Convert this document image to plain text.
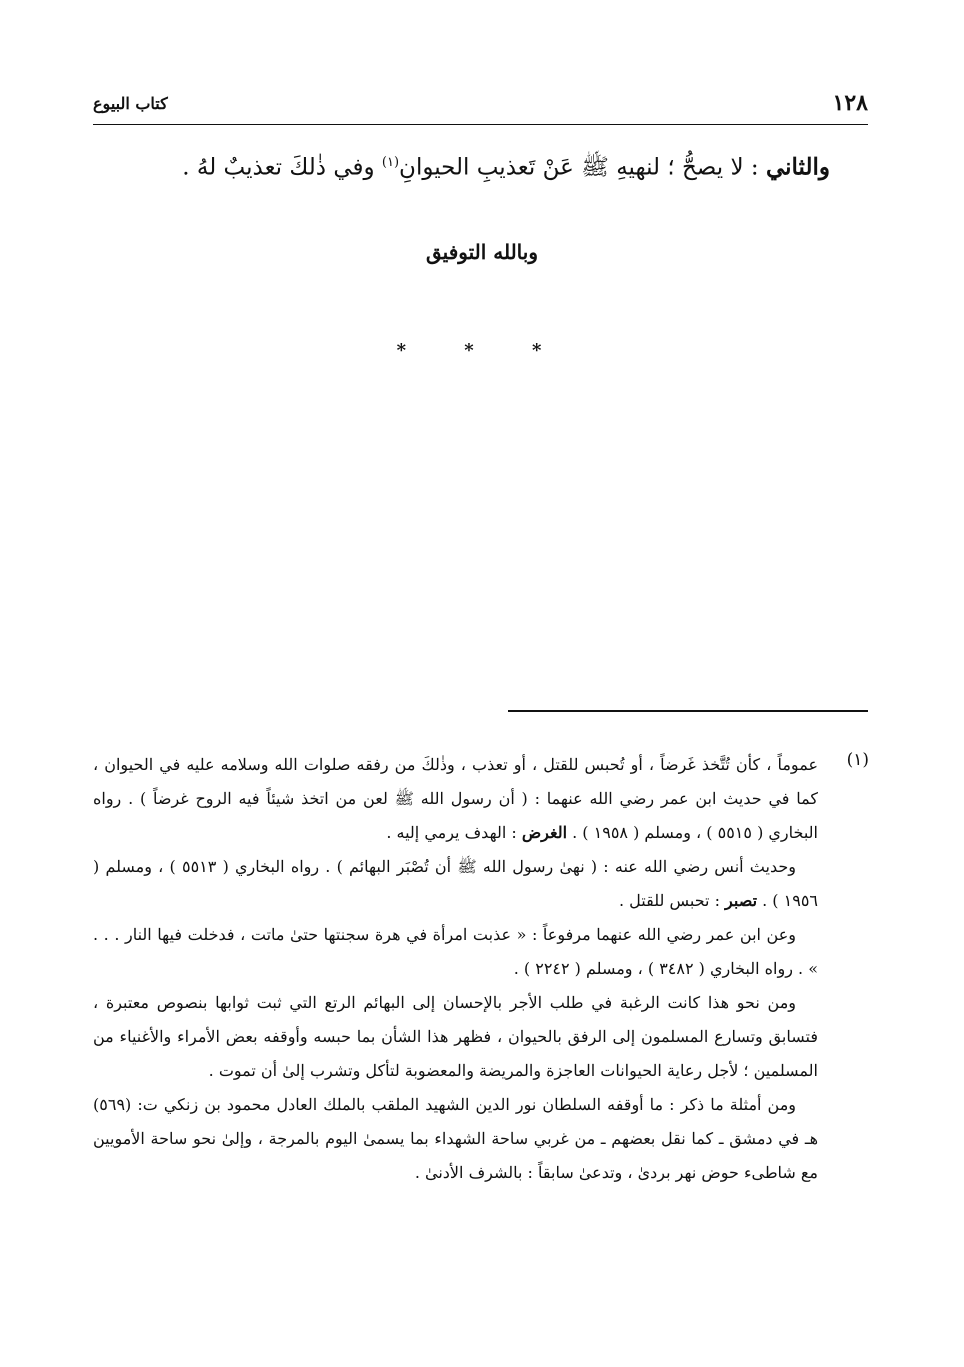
١٢٨
كتاب البيوع
والثاني : لا يصحُّ ؛ لنهيهِ ﷺ عَنْ تَعذيبِ الحيوانِ$^{(١)}$ وفي ذٰلكَ تعذيبٌ لهُ .
وبالله التوفيق
* * *
(١)

عموماً ، كأن تُتَّخذ غَرضاً ، أو تُحبس للقتل ، أو تعذب ، وذٰلكَ من رفقه صلوات الله وسلامه عليه في الحيوان ، كما في حديث ابن عمر رضي الله عنهما : ( أن رسول الله ﷺ لعن من اتخذ شيئاً فيه الروح غرضاً ) . رواه البخاري ( ٥٥١٥ ) ، ومسلم ( ١٩٥٨ ) . الغرض : الهدف يرمي إليه .

وحديث أنس رضي الله عنه : ( نهىٰ رسول الله ﷺ أن تُصْبَر البهائم ) . رواه البخاري ( ٥٥١٣ ) ، ومسلم ( ١٩٥٦ ) . تصبر : تحبس للقتل .

وعن ابن عمر رضي الله عنهما مرفوعاً : « عذبت امرأة في هرة سجنتها حتىٰ ماتت ، فدخلت فيها النار . . . » . رواه البخاري ( ٣٤٨٢ ) ، ومسلم ( ٢٢٤٢ ) .

ومن نحو هذا كانت الرغبة في طلب الأجر بالإحسان إلى البهائم الرتع التي ثبت ثوابها بنصوص معتبرة ، فتسابق وتسارع المسلمون إلى الرفق بالحيوان ، فظهر هذا الشأن بما حبسه وأوقفه بعض الأمراء والأغنياء من المسلمين ؛ لأجل رعاية الحيوانات العاجزة والمريضة والمعضوبة لتأكل وتشرب إلىٰ أن تموت .

ومن أمثلة ما ذكر : ما أوقفه السلطان نور الدين الشهيد الملقب بالملك العادل محمود بن زنكي ت: (٥٦٩) هـ في دمشق ـ كما نقل بعضهم ـ من غربي ساحة الشهداء بما يسمىٰ اليوم بالمرجة ، وإلىٰ نحو ساحة الأمويين مع شاطىء حوض نهر بردىٰ ، وتدعىٰ سابقاً : بالشرف الأدنىٰ .
